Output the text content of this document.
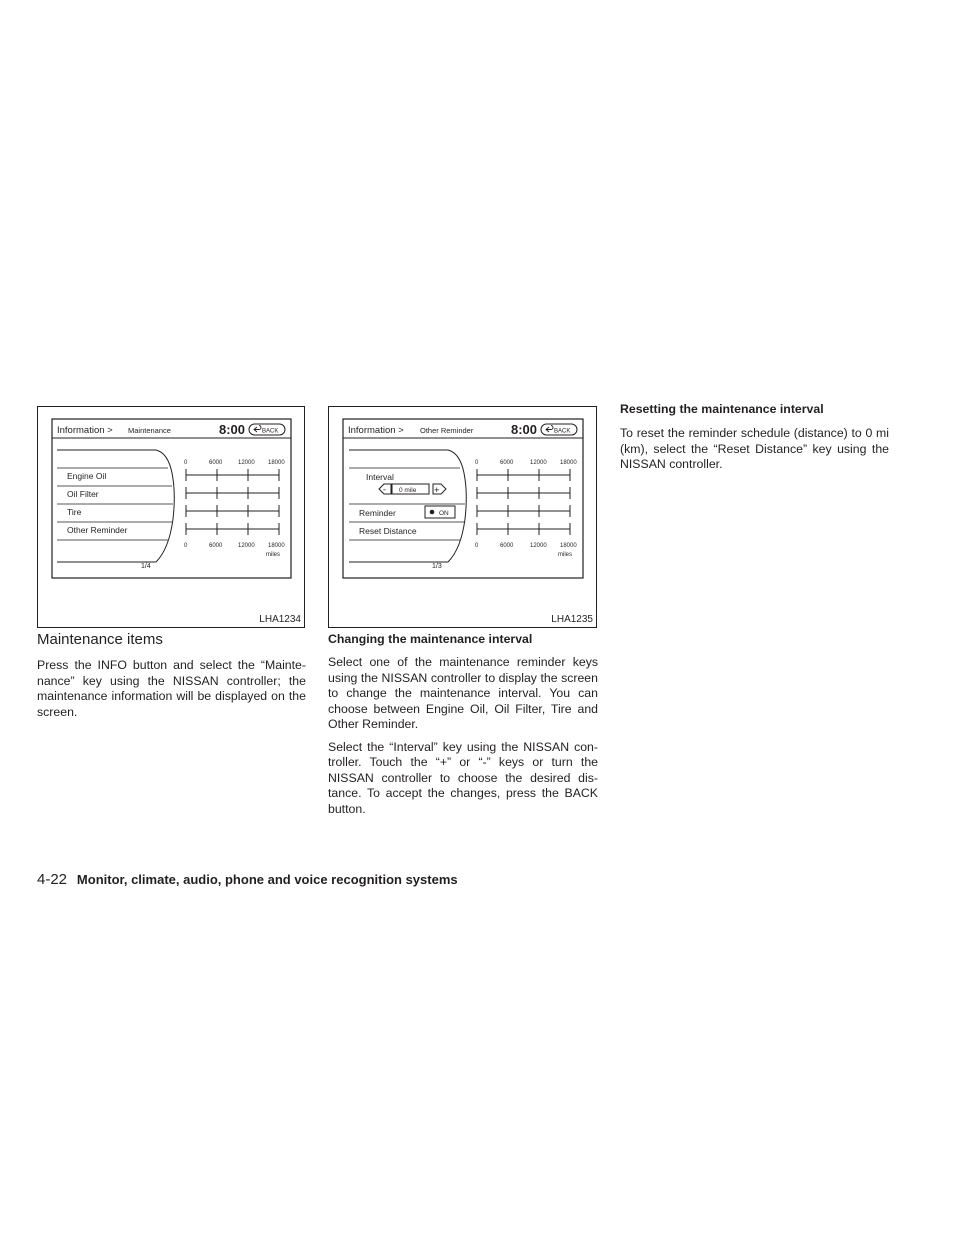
Information > Maintenance	8:00	BACK
Engine Oil
Oil Filter
Tire
Other Reminder
0	6000	12000 18000
0	6000	12000 18000
miles
1/4
LHA1234
Information > Other Reminder	8:00	BACK
Interval
- 0 mile +
Reminder	ON
Reset Distance
0	6000	12000 18000
0	6000	12000 18000
miles
1/3
LHA1235
Maintenance items

Press the INFO button and select the “Mainte-nance” key using the NISSAN controller; the maintenance information will be displayed on the screen.

Changing the maintenance interval

Select one of the maintenance reminder keys using the NISSAN controller to display the screen to change the maintenance interval. You can choose between Engine Oil, Oil Filter, Tire and Other Reminder.

Select the “Interval” key using the NISSAN con-troller. Touch the “+” or “-” keys or turn the NISSAN controller to choose the desired dis-tance. To accept the changes, press the BACK button.

Resetting the maintenance interval

To reset the reminder schedule (distance) to 0 mi (km), select the “Reset Distance” key using the NISSAN controller.

4-22 Monitor, climate, audio, phone and voice recognition systems
